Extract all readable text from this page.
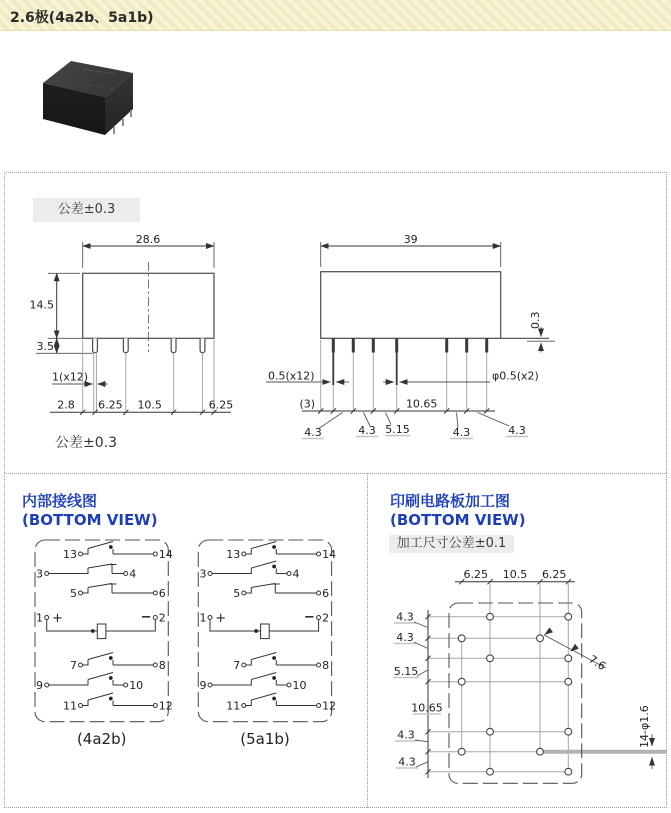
2.6极(4a2b、5a1b)
公差±0.3
28.6
14.5
3.5
1(x12)
2.8 6.25 10.5	6.25
公差±0.3
39
0.3
0.5(x12)	φ0.5(x2)
(3)	10.65
4.3	4.3 5.15	4.3	4.3
内部接线图
(BOTTOM VIEW)
13	14
3	4
5	6
1 +	− 2
7	8
9	10
11	12
(4a2b)
13	14
3	4
5	6
1 +	− 2
7	8
9	10
11	12
(5a1b)
印刷电路板加工图
(BOTTOM VIEW)
加工尺寸公差±0.1
6.25 10.5 6.25
4.3
4.3
5.15
10.65
4.3
4.3
7.6
14-φ1.6
